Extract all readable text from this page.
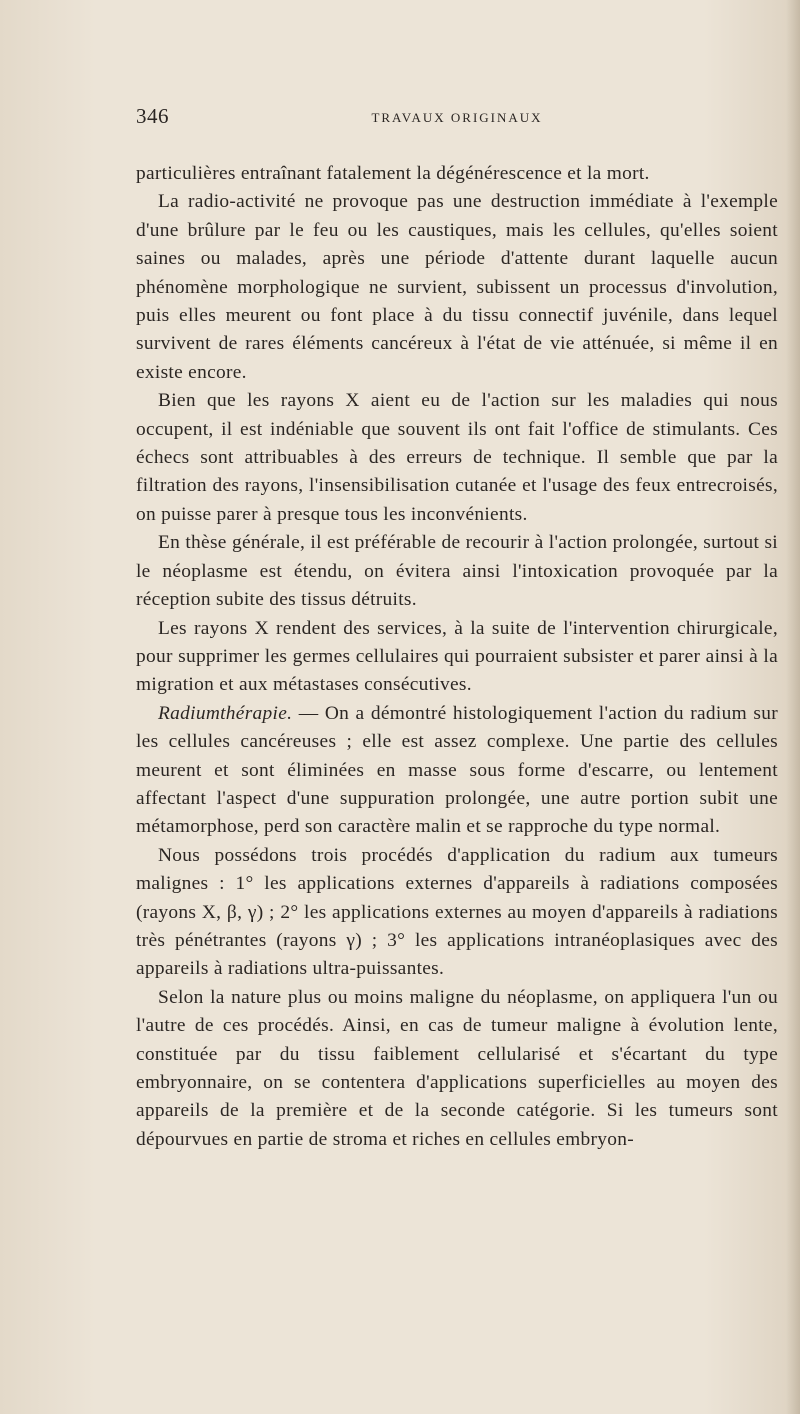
346	TRAVAUX ORIGINAUX

particulières entraînant fatalement la dégénérescence et la mort.

La radio-activité ne provoque pas une destruction immédiate à l'exemple d'une brûlure par le feu ou les caustiques, mais les cellules, qu'elles soient saines ou malades, après une période d'attente durant laquelle aucun phénomène morphologique ne survient, subissent un processus d'involution, puis elles meurent ou font place à du tissu connectif juvénile, dans lequel survivent de rares éléments cancéreux à l'état de vie atténuée, si même il en existe encore.

Bien que les rayons X aient eu de l'action sur les maladies qui nous occupent, il est indéniable que souvent ils ont fait l'office de stimulants. Ces échecs sont attribuables à des erreurs de technique. Il semble que par la filtration des rayons, l'insensibilisation cutanée et l'usage des feux entrecroisés, on puisse parer à presque tous les inconvénients.

En thèse générale, il est préférable de recourir à l'action prolongée, surtout si le néoplasme est étendu, on évitera ainsi l'intoxication provoquée par la réception subite des tissus détruits.

Les rayons X rendent des services, à la suite de l'intervention chirurgicale, pour supprimer les germes cellulaires qui pourraient subsister et parer ainsi à la migration et aux métastases consécutives.

Radiumthérapie. — On a démontré histologiquement l'action du radium sur les cellules cancéreuses ; elle est assez complexe. Une partie des cellules meurent et sont éliminées en masse sous forme d'escarre, ou lentement affectant l'aspect d'une suppuration prolongée, une autre portion subit une métamorphose, perd son caractère malin et se rapproche du type normal.

Nous possédons trois procédés d'application du radium aux tumeurs malignes : 1° les applications externes d'appareils à radiations composées (rayons X, β, γ) ; 2° les applications externes au moyen d'appareils à radiations très pénétrantes (rayons γ) ; 3° les applications intranéoplasiques avec des appareils à radiations ultra-puissantes.

Selon la nature plus ou moins maligne du néoplasme, on appliquera l'un ou l'autre de ces procédés. Ainsi, en cas de tumeur maligne à évolution lente, constituée par du tissu faiblement cellularisé et s'écartant du type embryonnaire, on se contentera d'applications superficielles au moyen des appareils de la première et de la seconde catégorie. Si les tumeurs sont dépourvues en partie de stroma et riches en cellules embryon-
